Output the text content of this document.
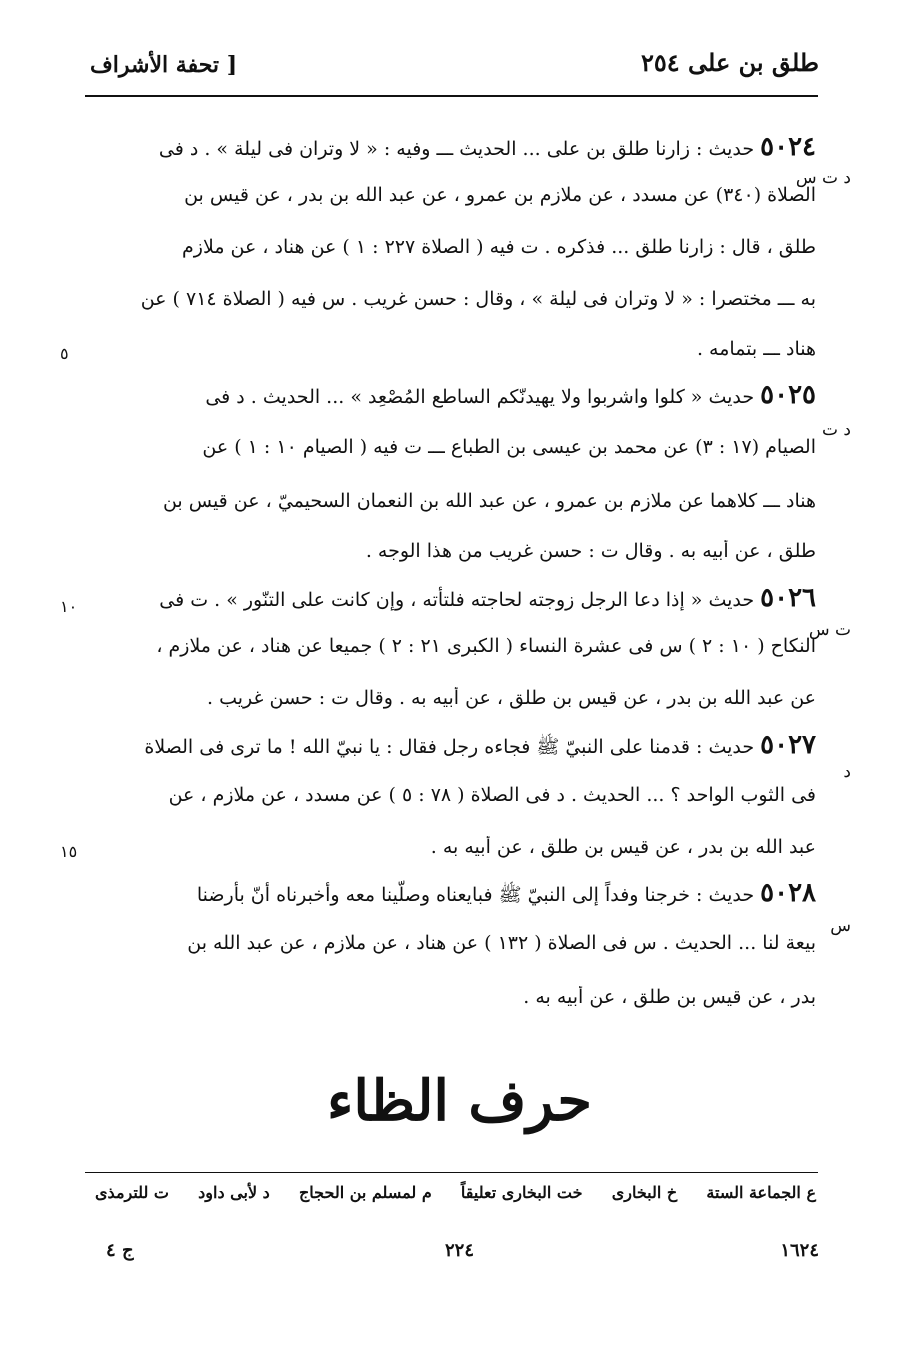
طلق بن على ٢٥٤
[ تحفة الأشراف
٥٠٢٤حديث : زارنا طلق بن على ... الحديث ـــ وفيه : « لا وتران فى ليلة » . د فى
الصلاة (٣٤٠) عن مسدد ، عن ملازم بن عمرو ، عن عبد الله بن بدر ، عن قيس بن
طلق ، قال : زارنا طلق ... فذكره . ت فيه ( الصلاة ٢٢٧ : ١ ) عن هناد ، عن ملازم
به ـــ مختصرا : « لا وتران فى ليلة » ، وقال : حسن غريب . س فيه ( الصلاة ٧١٤ ) عن
هناد ـــ بتمامه .
٥٠٢٥حديث « كلوا واشربوا ولا يهيدنّكم الساطع المُصْعِد » ... الحديث . د فى
الصيام (١٧ : ٣) عن محمد بن عيسى بن الطباع ـــ ت فيه ( الصيام ١٠ : ١ ) عن
هناد ـــ كلاهما عن ملازم بن عمرو ، عن عبد الله بن النعمان السحيميّ ، عن قيس بن
طلق ، عن أبيه به . وقال ت : حسن غريب من هذا الوجه .
٥٠٢٦حديث « إذا دعا الرجل زوجته لحاجته فلتأته ، وإن كانت على التنّور » . ت فى
النكاح ( ١٠ : ٢ ) س فى عشرة النساء ( الكبرى ٢١ : ٢ ) جميعا عن هناد ، عن ملازم ،
عن عبد الله بن بدر ، عن قيس بن طلق ، عن أبيه به . وقال ت : حسن غريب .
٥٠٢٧حديث : قدمنا على النبيّ ﷺ فجاءه رجل فقال : يا نبيّ الله ! ما ترى فى الصلاة
فى الثوب الواحد ؟ ... الحديث . د فى الصلاة ( ٧٨ : ٥ ) عن مسدد ، عن ملازم ، عن
عبد الله بن بدر ، عن قيس بن طلق ، عن أبيه به .
٥٠٢٨حديث : خرجنا وفداً إلى النبيّ ﷺ فبايعناه وصلّينا معه وأخبرناه أنّ بأرضنا
بيعة لنا ... الحديث . س فى الصلاة ( ١٣٢ ) عن هناد ، عن ملازم ، عن عبد الله بن
بدر ، عن قيس بن طلق ، عن أبيه به .
د ت س
د ت
ت س
د
س
٥
١٠
١٥
حرف الظاء
ع الجماعة الستة
خ البخارى
خت البخارى تعليقاً
م لمسلم بن الحجاج
د لأبى داود
ت للترمذى
١٦٢٤
٢٢٤
ج ٤
